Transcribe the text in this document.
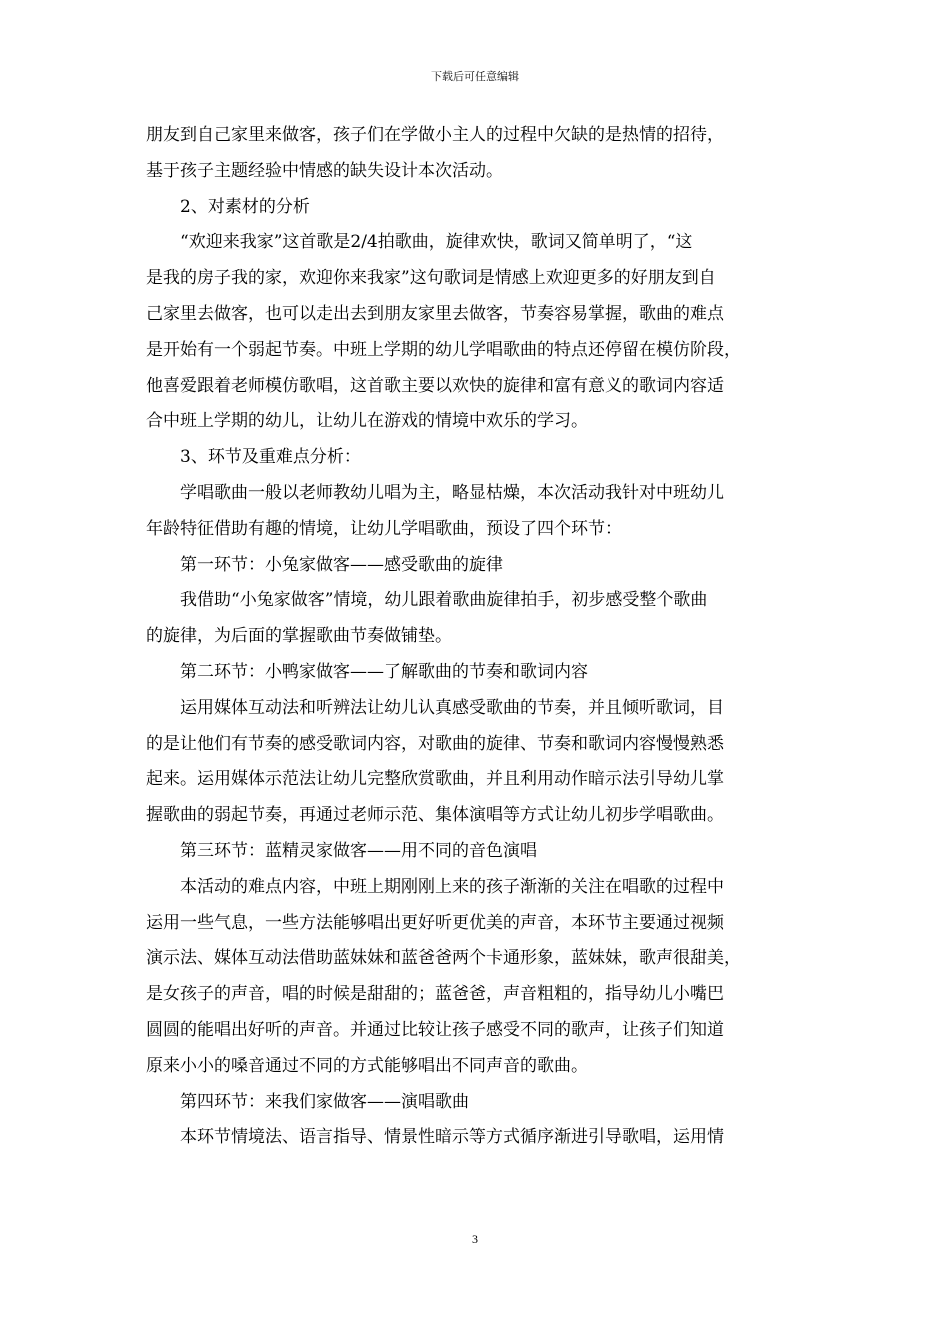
下载后可任意编辑
朋友到自己家里来做客，孩子们在学做小主人的过程中欠缺的是热情的招待，
基于孩子主题经验中情感的缺失设计本次活动。
2、对素材的分析
“欢迎来我家”这首歌是2/4拍歌曲，旋律欢快，歌词又简单明了，“这
是我的房子我的家，欢迎你来我家”这句歌词是情感上欢迎更多的好朋友到自
己家里去做客，也可以走出去到朋友家里去做客，节奏容易掌握，歌曲的难点
是开始有一个弱起节奏。中班上学期的幼儿学唱歌曲的特点还停留在模仿阶段，
他喜爱跟着老师模仿歌唱，这首歌主要以欢快的旋律和富有意义的歌词内容适
合中班上学期的幼儿，让幼儿在游戏的情境中欢乐的学习。
3、环节及重难点分析：
学唱歌曲一般以老师教幼儿唱为主，略显枯燥，本次活动我针对中班幼儿
年龄特征借助有趣的情境，让幼儿学唱歌曲，预设了四个环节：
第一环节：小兔家做客——感受歌曲的旋律
我借助“小兔家做客”情境，幼儿跟着歌曲旋律拍手，初步感受整个歌曲
的旋律，为后面的掌握歌曲节奏做铺垫。
第二环节：小鸭家做客——了解歌曲的节奏和歌词内容
运用媒体互动法和听辨法让幼儿认真感受歌曲的节奏，并且倾听歌词，目
的是让他们有节奏的感受歌词内容，对歌曲的旋律、节奏和歌词内容慢慢熟悉
起来。运用媒体示范法让幼儿完整欣赏歌曲，并且利用动作暗示法引导幼儿掌
握歌曲的弱起节奏，再通过老师示范、集体演唱等方式让幼儿初步学唱歌曲。
第三环节：蓝精灵家做客——用不同的音色演唱
本活动的难点内容，中班上期刚刚上来的孩子渐渐的关注在唱歌的过程中
运用一些气息，一些方法能够唱出更好听更优美的声音，本环节主要通过视频
演示法、媒体互动法借助蓝妹妹和蓝爸爸两个卡通形象，蓝妹妹，歌声很甜美，
是女孩子的声音，唱的时候是甜甜的；蓝爸爸，声音粗粗的，指导幼儿小嘴巴
圆圆的能唱出好听的声音。并通过比较让孩子感受不同的歌声，让孩子们知道
原来小小的嗓音通过不同的方式能够唱出不同声音的歌曲。
第四环节：来我们家做客——演唱歌曲
本环节情境法、语言指导、情景性暗示等方式循序渐进引导歌唱，运用情
3
